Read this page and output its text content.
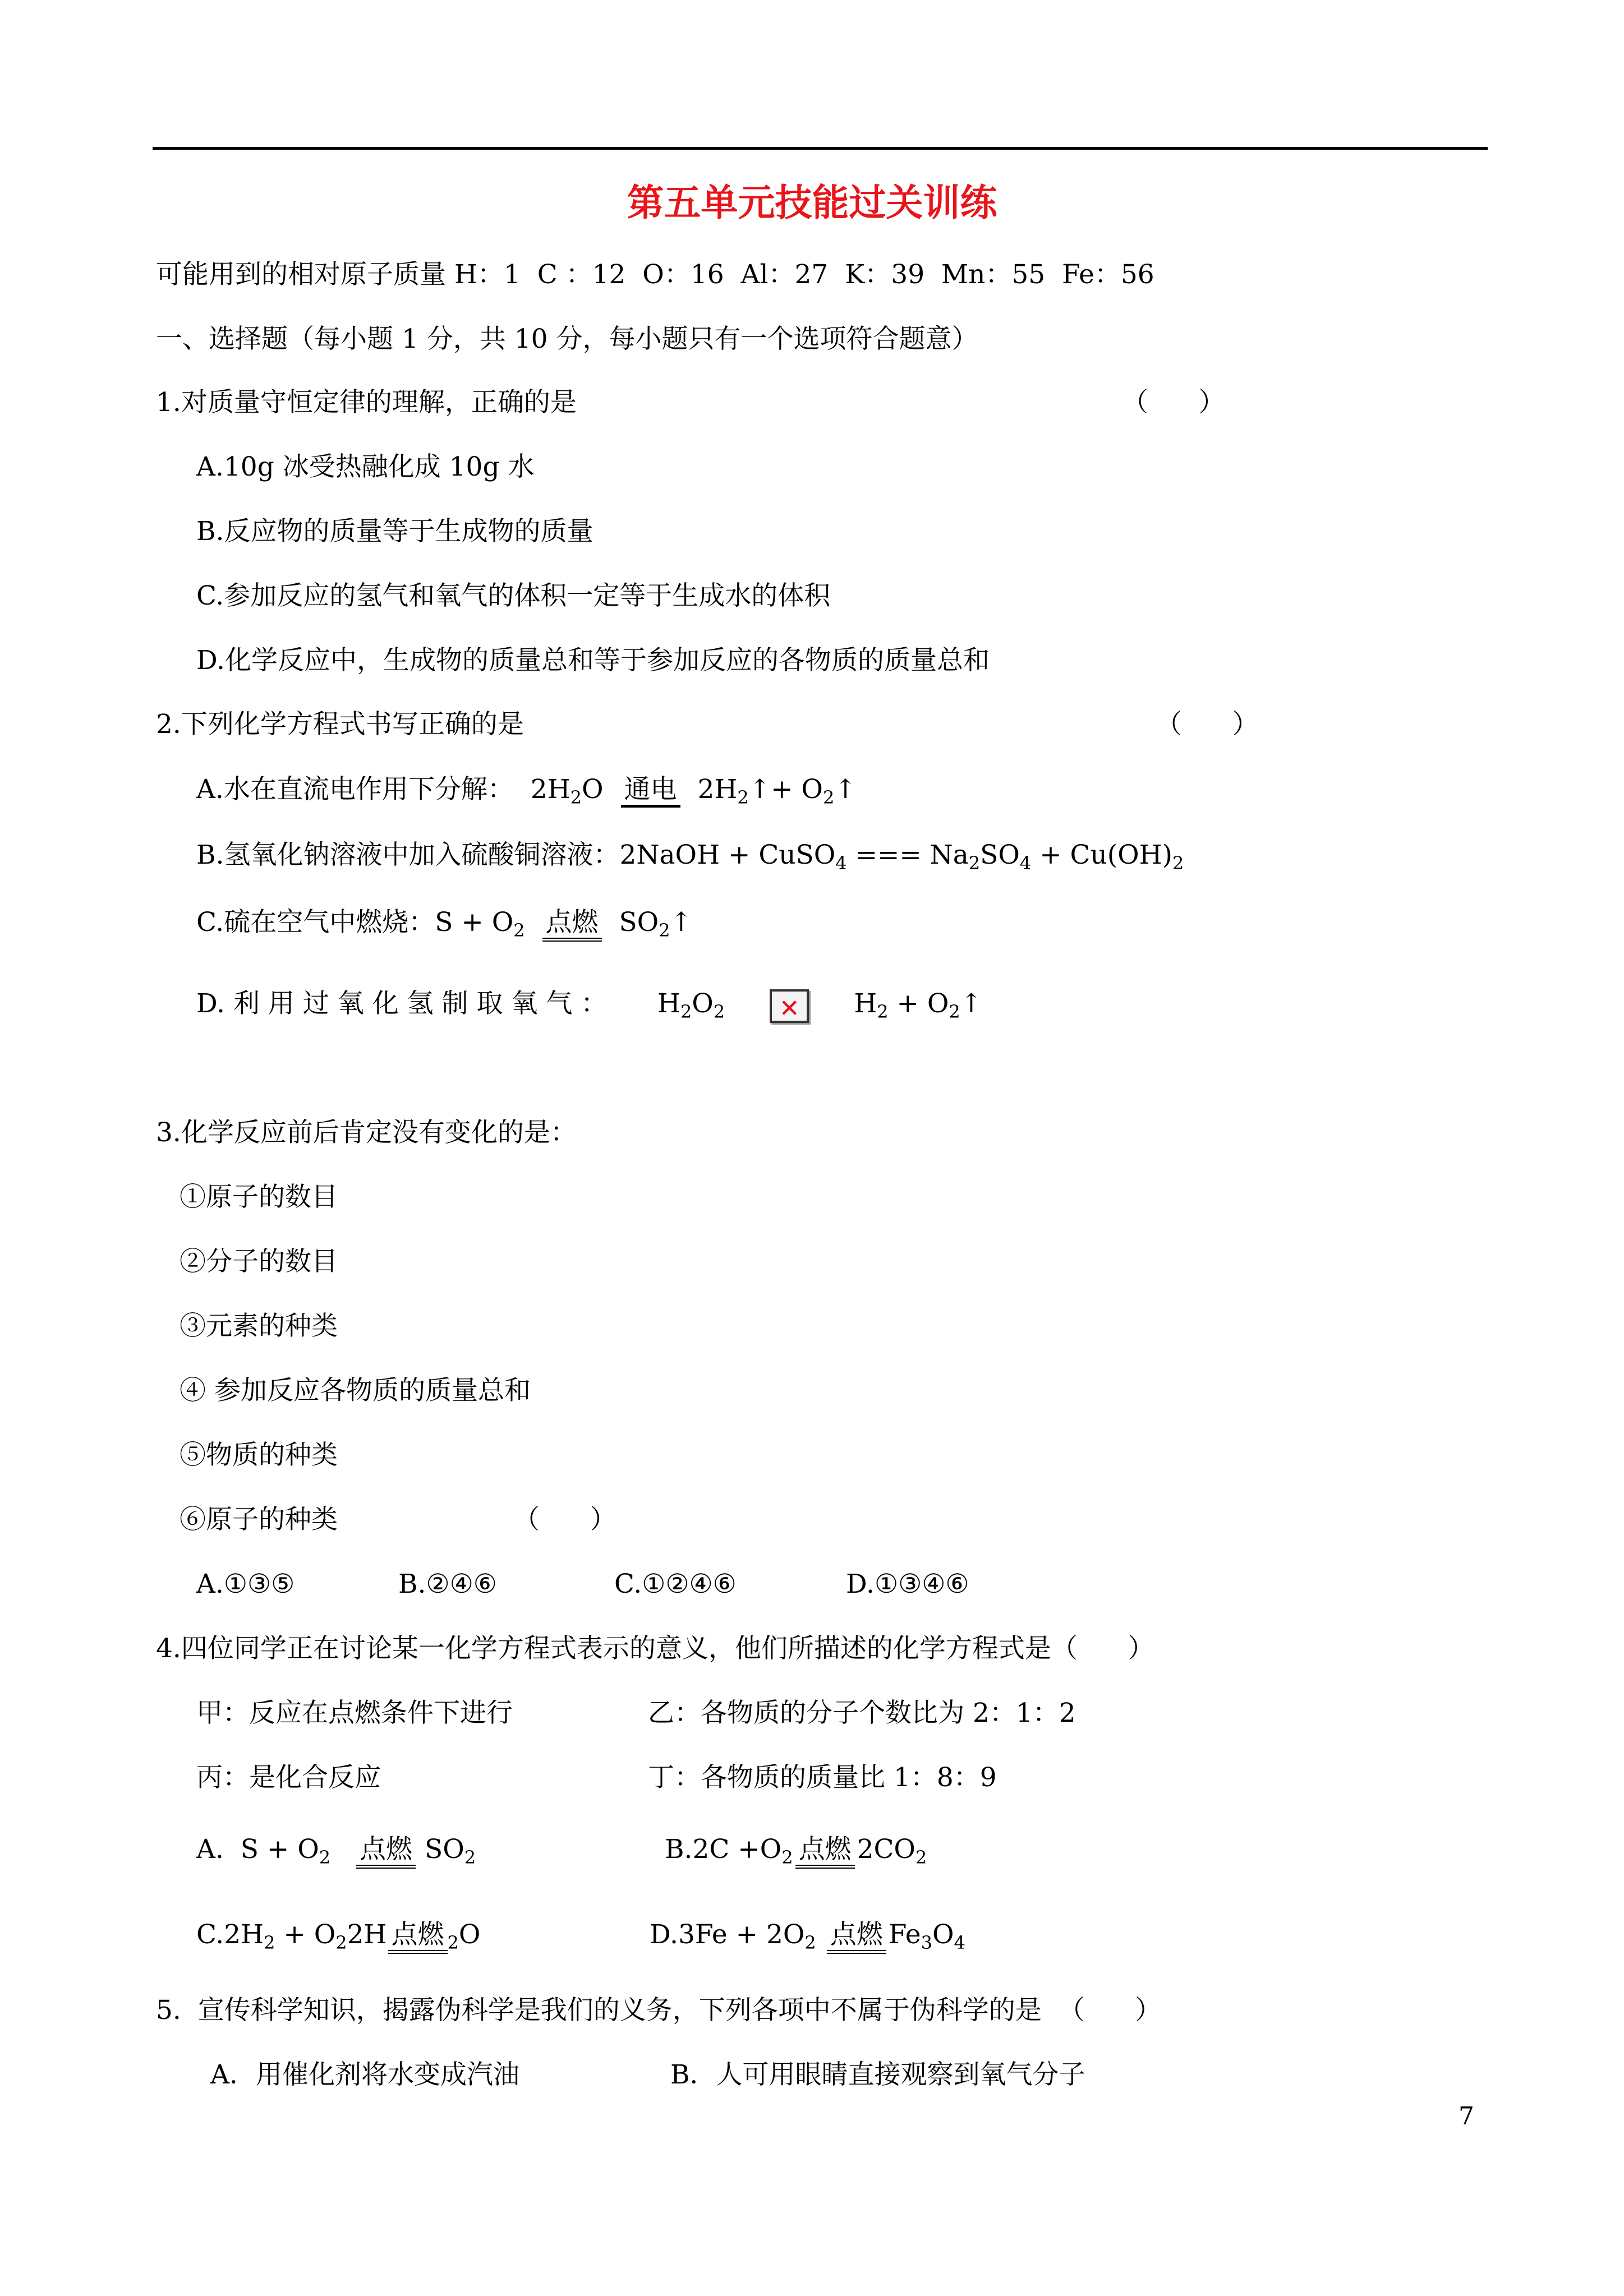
第五单元技能过关训练
可能用到的相对原子质量 H：1  C ：12  O：16  Al：27  K：39  Mn：55  Fe：56
一、选择题（每小题 1 分，共 10 分，每小题只有一个选项符合题意）
1.对质量守恒定律的理解，正确的是	（      ）
A.10g 冰受热融化成 10g 水
B.反应物的质量等于生成物的质量
C.参加反应的氢气和氧气的体积一定等于生成水的体积
D.化学反应中，生成物的质量总和等于参加反应的各物质的质量总和
2.下列化学方程式书写正确的是	（      ）
A.水在直流电作用下分解：  $2H_2O$ 通电 $2H_2↑+$ $O_2↑$
B.氢氧化钠溶液中加入硫酸铜溶液：2NaOH + CuSO$_4$ === $Na_2SO_4 + Cu(OH)_2$
C.硫在空气中燃烧：$S + O_2$ 点燃 $SO_2↑$
D. 利 用 过 氧 化 氢 制 取 氧 气 ：      $H_2O_2$ ✕ $H_2$ + $O_2↑$
3.化学反应前后肯定没有变化的是：
①原子的数目
②分子的数目
③元素的种类
④ 参加反应各物质的质量总和
⑤物质的种类
⑥原子的种类	（      ）
A.①③⑤	B.②④⑥	C.①②④⑥	D.①③④⑥
4.四位同学正在讨论某一化学方程式表示的意义，他们所描述的化学方程式是（      ）
甲：反应在点燃条件下进行	乙：各物质的分子个数比为 2：1：2
丙：是化合反应	丁：各物质的质量比 1：8：9
A.  $S + O_2$ 点燃 $SO_2$	$B.2C +O_2$ 点燃 $2CO_2$
$C.2H_2 + O_22H$ 点燃 $_2$O	$D.3Fe + 2O_2$ 点燃 $Fe_3O_4$
5.  宣传科学知识，揭露伪科学是我们的义务，下列各项中不属于伪科学的是  （      ）
A．用催化剂将水变成汽油	B．人可用眼睛直接观察到氧气分子
7
